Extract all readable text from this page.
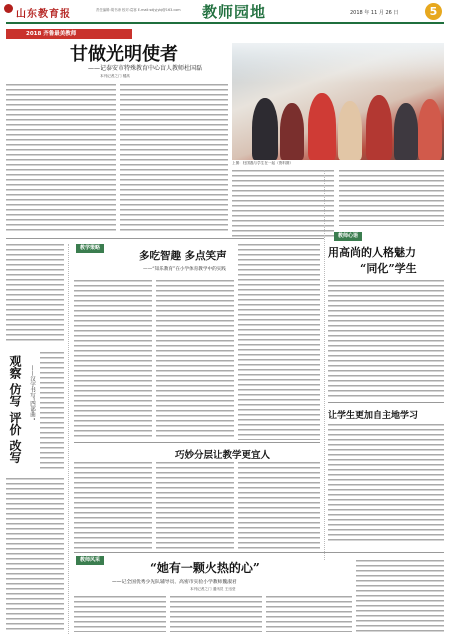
山东教育报	责任编辑:胡书涛 校对:葛寒 E-mail:sdjyjybj@163.com 教师园地	2018 年 11 月 26 日	5
2018 齐鲁最美教师
甘做光明使者
——记泰安市特殊教育中心盲人教师杜国磊
本刊记者之门 楼高
上图：杜国磊与学生在一起（资料图）
教师心语
用高尚的人格魅力
“同化”学生
让学生更加自主地学习
观察 仿写 评价 改写 ——汉字书写“四部曲”
教学策略
多吃智趣 多点笑声
——“知乐教育”在小学体育教学中的实践
巧妙分层让教学更宜人
教师风采
“她有一颗火热的心”
——记全国优秀少先队辅导员、高密市实验小学教师魏淑君
本刊记者之门 通讯员 王迅莹
